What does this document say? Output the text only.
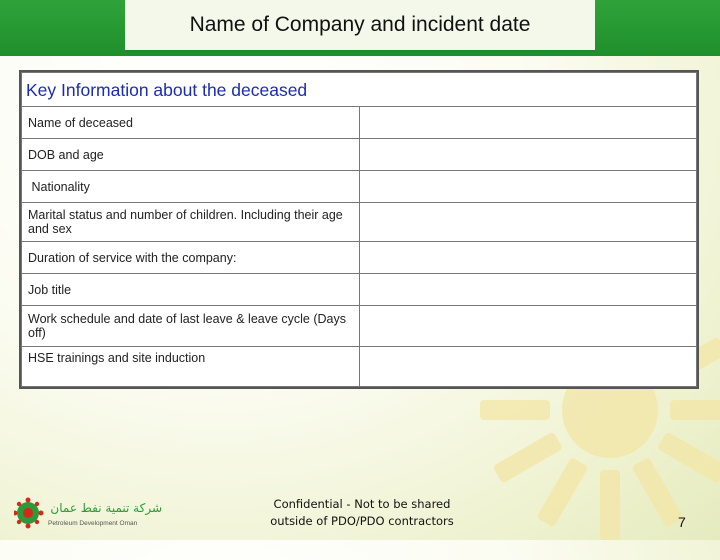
Name of Company and incident date
Key Information about the deceased	
Name of deceased	
DOB and age	
Nationality	
Marital status and number of children. Including their age and sex	
Duration of service with the company:	
Job title	
Work schedule and date of last leave & leave cycle (Days off)	
HSE trainings and site induction	
شركة تنمية نفط عمان
Petroleum Development Oman
Confidential - Not to be shared
outside of PDO/PDO contractors	7
